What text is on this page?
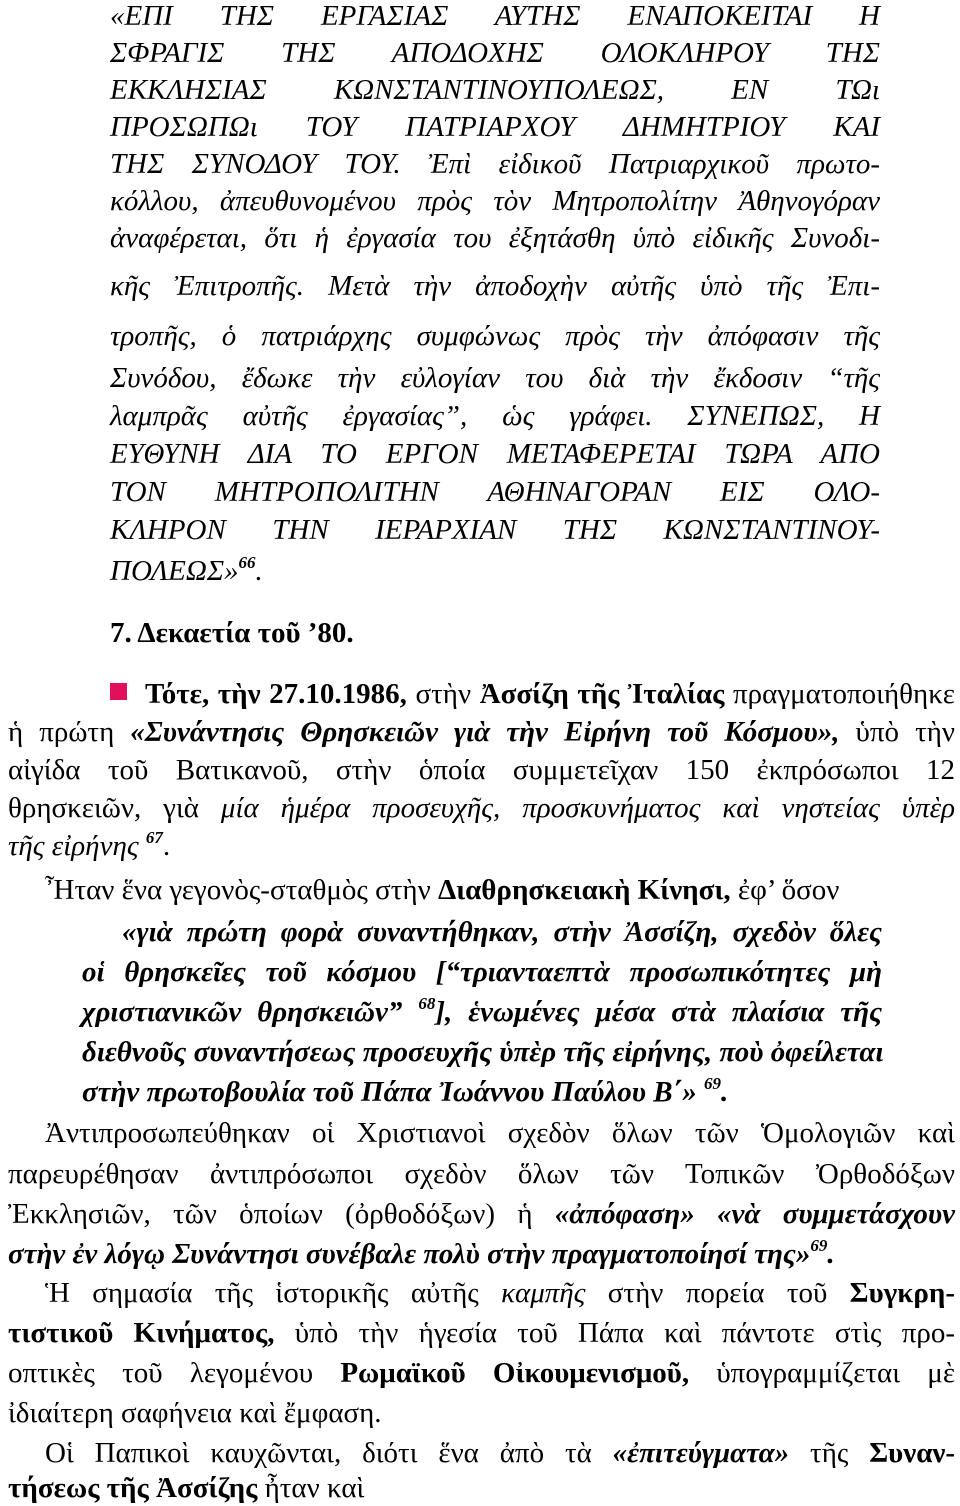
«ΕΠΙ ΤΗΣ ΕΡΓΑΣΙΑΣ ΑΥΤΗΣ ΕΝΑΠΟΚΕΙΤΑΙ Η
ΣΦΡΑΓΙΣ ΤΗΣ ΑΠΟΔΟΧΗΣ ΟΛΟΚΛΗΡΟΥ ΤΗΣ
ΕΚΚΛΗΣΙΑΣ ΚΩΝΣΤΑΝΤΙΝΟΥΠΟΛΕΩΣ, ΕΝ ΤΩι
ΠΡΟΣΩΠΩι ΤΟΥ ΠΑΤΡΙΑΡΧΟΥ ΔΗΜΗΤΡΙΟΥ ΚΑΙ
ΤΗΣ ΣΥΝΟΔΟΥ ΤΟΥ. Ἐπὶ εἰδικοῦ Πατριαρχικοῦ πρωτο-
κόλλου, ἀπευθυνομένου πρὸς τὸν Μητροπολίτην Ἀθηνογόραν
ἀναφέρεται, ὅτι ἡ ἐργασία του ἐξητάσθη ὑπὸ εἰδικῆς Συνοδι-
κῆς Ἐπιτροπῆς. Μετὰ τὴν ἀποδοχὴν αὐτῆς ὑπὸ τῆς Ἐπι-
τροπῆς, ὁ πατριάρχης συμφώνως πρὸς τὴν ἀπόφασιν τῆς
Συνόδου, ἔδωκε τὴν εὐλογίαν του διὰ τὴν ἔκδοσιν “τῆς
λαμπρᾶς αὐτῆς ἐργασίας”, ὡς γράφει. ΣΥΝΕΠΩΣ, Η
ΕΥΘΥΝΗ ΔΙΑ ΤΟ ΕΡΓΟΝ ΜΕΤΑΦΕΡΕΤΑΙ ΤΩΡΑ ΑΠΟ
ΤΟΝ ΜΗΤΡΟΠΟΛΙΤΗΝ ΑΘΗΝΑΓΟΡΑΝ ΕΙΣ ΟΛΟ-
ΚΛΗΡΟΝ ΤΗΝ ΙΕΡΑΡΧΙΑΝ ΤΗΣ ΚΩΝΣΤΑΝΤΙΝΟΥ-
ΠΟΛΕΩΣ»$^{66}$.
7. Δεκαετία τοῦ ’80.
Τότε, τὴν 27.10.1986, στὴν Ἀσσίζη τῆς Ἰταλίας πραγματοποιήθηκε
ἡ πρώτη «Συνάντησις Θρησκειῶν γιὰ τὴν Εἰρήνη τοῦ Κόσμου», ὑπὸ τὴν
αἰγίδα τοῦ Βατικανοῦ, στὴν ὁποία συμμετεῖχαν 150 ἐκπρόσωποι 12
θρησκειῶν, γιὰ μία ἡμέρα προσευχῆς, προσκυνήματος καὶ νηστείας ὑπὲρ
τῆς εἰρήνης $^{67}$.
Ἦταν ἕνα γεγονὸς-σταθμὸς στὴν Διαθρησκειακὴ Κίνησι, ἐφ’ ὅσον
«γιὰ πρώτη φορὰ συναντήθηκαν, στὴν Ἀσσίζη, σχεδὸν ὅλες
οἱ θρησκεῖες τοῦ κόσμου [“τριανταεπτὰ προσωπικότητες μὴ
χριστιανικῶν θρησκειῶν” $^{68}$], ἑνωμένες μέσα στὰ πλαίσια τῆς
διεθνοῦς συναντήσεως προσευχῆς ὑπὲρ τῆς εἰρήνης, ποὺ ὀφείλεται
στὴν πρωτοβουλία τοῦ Πάπα Ἰωάννου Παύλου Β΄» $^{69}$.
Ἀντιπροσωπεύθηκαν οἱ Χριστιανοὶ σχεδὸν ὅλων τῶν Ὁμολογιῶν καὶ
παρευρέθησαν ἀντιπρόσωποι σχεδὸν ὅλων τῶν Τοπικῶν Ὀρθοδόξων
Ἐκκλησιῶν, τῶν ὁποίων (ὀρθοδόξων) ἡ «ἀπόφαση» «νὰ συμμετάσχουν
στὴν ἐν λόγῳ Συνάντησι συνέβαλε πολὺ στὴν πραγματοποίησί της»$^{69}$.
Ἡ σημασία τῆς ἱστορικῆς αὐτῆς καμπῆς στὴν πορεία τοῦ Συγκρη-
τιστικοῦ Κινήματος, ὑπὸ τὴν ἡγεσία τοῦ Πάπα καὶ πάντοτε στὶς προ-
οπτικὲς τοῦ λεγομένου Ρωμαϊκοῦ Οἰκουμενισμοῦ, ὑπογραμμίζεται μὲ
ἰδιαίτερη σαφήνεια καὶ ἔμφαση.
Οἱ Παπικοὶ καυχῶνται, διότι ἕνα ἀπὸ τὰ «ἐπιτεύγματα» τῆς Συναν-
τήσεως τῆς Ἀσσίζης ἦταν καὶ
